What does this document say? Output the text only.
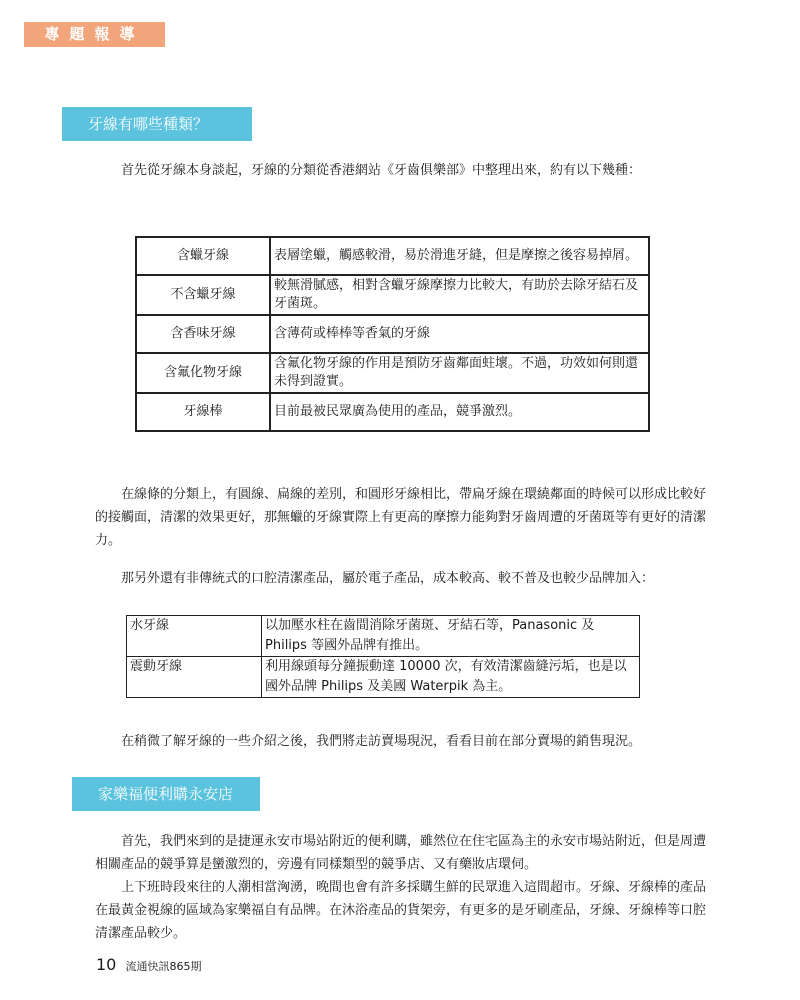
專題報導
牙線有哪些種類？

首先從牙線本身談起，牙線的分類從香港網站《牙齒俱樂部》中整理出來，約有以下幾種：

含蠟牙線	表層塗蠟，觸感較滑，易於滑進牙縫，但是摩擦之後容易掉屑。
不含蠟牙線	較無滑膩感，相對含蠟牙線摩擦力比較大，有助於去除牙結石及牙菌斑。
含香味牙線	含薄荷或棒棒等香氣的牙線
含氟化物牙線	含氟化物牙線的作用是預防牙齒鄰面蛀壞。不過，功效如何則還未得到證實。
牙線棒	目前最被民眾廣為使用的產品，競爭激烈。

在線條的分類上，有圓線、扁線的差別，和圓形牙線相比，帶扁牙線在環繞鄰面的時候可以形成比較好的接觸面，清潔的效果更好，那無蠟的牙線實際上有更高的摩擦力能夠對牙齒周遭的牙菌斑等有更好的清潔力。

那另外還有非傳統式的口腔清潔產品，屬於電子產品，成本較高、較不普及也較少品牌加入：

水牙線	以加壓水柱在齒間消除牙菌斑、牙結石等，Panasonic 及 Philips 等國外品牌有推出。
震動牙線	利用線頭每分鐘振動達 10000 次，有效清潔齒縫污垢，也是以國外品牌 Philips 及美國 Waterpik 為主。

在稍微了解牙線的一些介紹之後，我們將走訪賣場現況，看看目前在部分賣場的銷售現況。

家樂福便利購永安店

首先，我們來到的是捷運永安市場站附近的便利購，雖然位在住宅區為主的永安市場站附近，但是周遭相關產品的競爭算是蠻激烈的，旁邊有同樣類型的競爭店、又有藥妝店環伺。

上下班時段來往的人潮相當洶湧，晚間也會有許多採購生鮮的民眾進入這間超市。牙線、牙線棒的產品在最黃金視線的區域為家樂福自有品牌。在沐浴產品的貨架旁，有更多的是牙刷產品，牙線、牙線棒等口腔清潔產品較少。

10 流通快訊865期
